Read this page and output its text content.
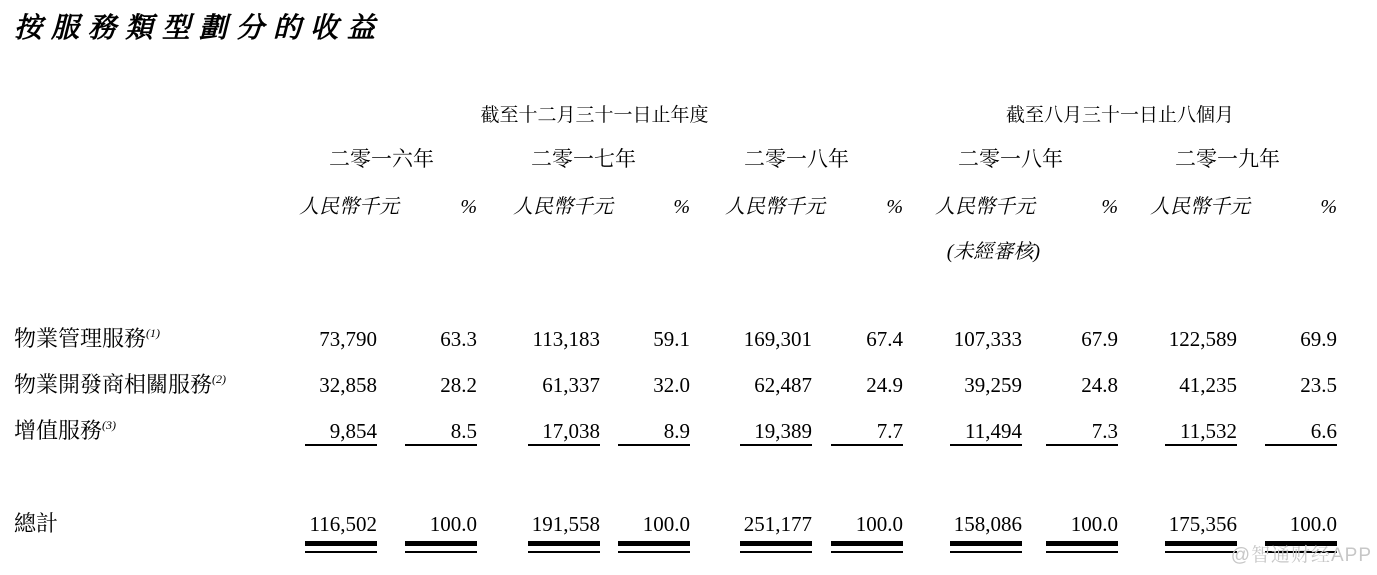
按服務類型劃分的收益
	截至十二月三十一日止年度						截至八月三十一日止八個月			
	二零一六年		二零一七年		二零一八年		二零一八年		二零一九年	
	人民幣千元	%	人民幣千元	%	人民幣千元	%	人民幣千元	%	人民幣千元	%
							(未經審核)			

物業管理服務$^{(1)}$	73,790	63.3	113,183	59.1	169,301	67.4	107,333	67.9	122,589	69.9
物業開發商相關服務$^{(2)}$	32,858	28.2	61,337	32.0	62,487	24.9	39,259	24.8	41,235	23.5
增值服務$^{(3)}$	9,854	8.5	17,038	8.9	19,389	7.7	11,494	7.3	11,532	6.6

總計	116,502	100.0	191,558	100.0	251,177	100.0	158,086	100.0	175,356	100.0

@智通财经APP
